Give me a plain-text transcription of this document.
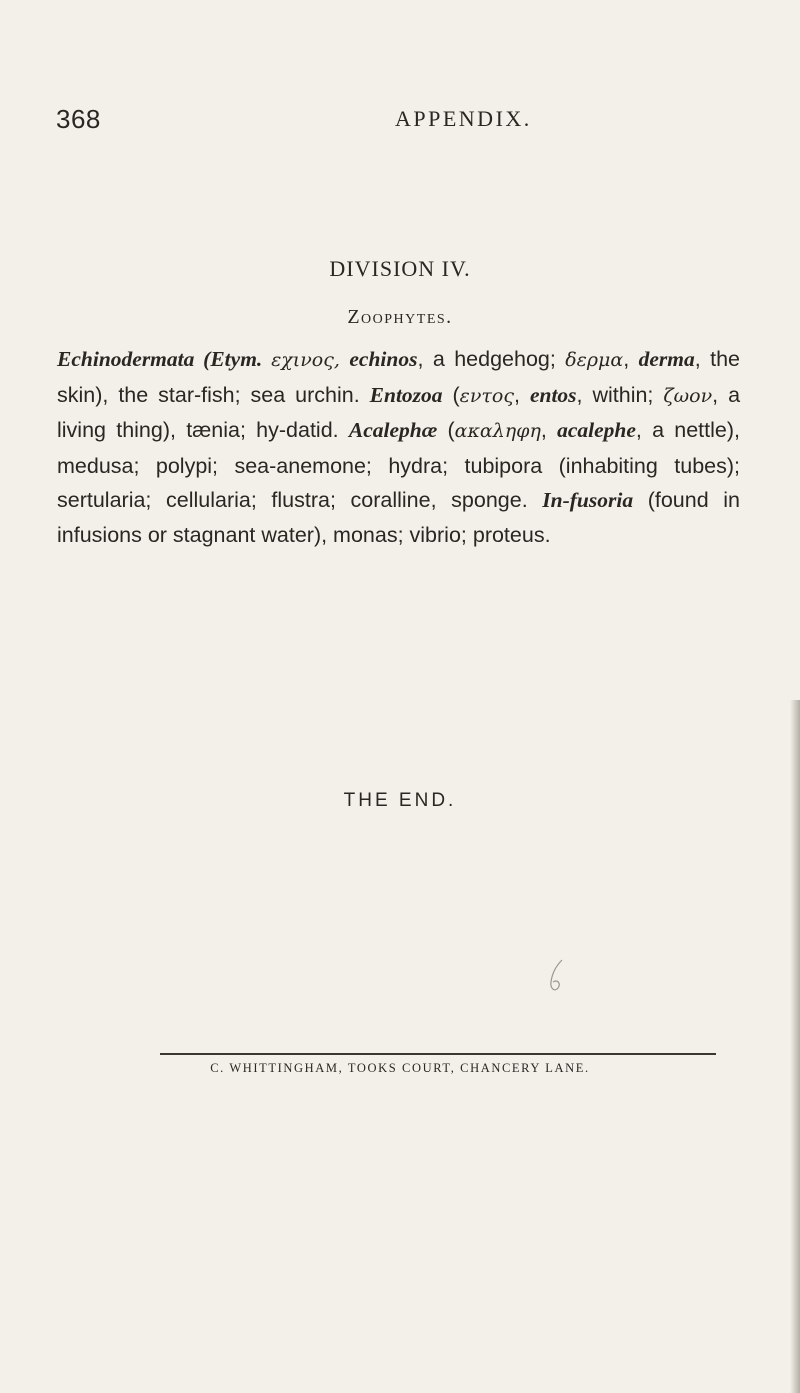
368	APPENDIX.
DIVISION IV.
Zoophytes.

Echinodermata (Etym. εχινος, echinos, a hedgehog; δερμα, derma, the skin), the star-fish; sea urchin. Entozoa (εντος, entos, within; ζωον, a living thing), tænia; hy-datid. Acalephæ (ακαληφη, acalephe, a nettle), medusa; polypi; sea-anemone; hydra; tubipora (inhabiting tubes); sertularia; cellularia; flustra; coralline, sponge. In-fusoria (found in infusions or stagnant water), monas; vibrio; proteus.

THE END.
C. WHITTINGHAM, TOOKS COURT, CHANCERY LANE.
